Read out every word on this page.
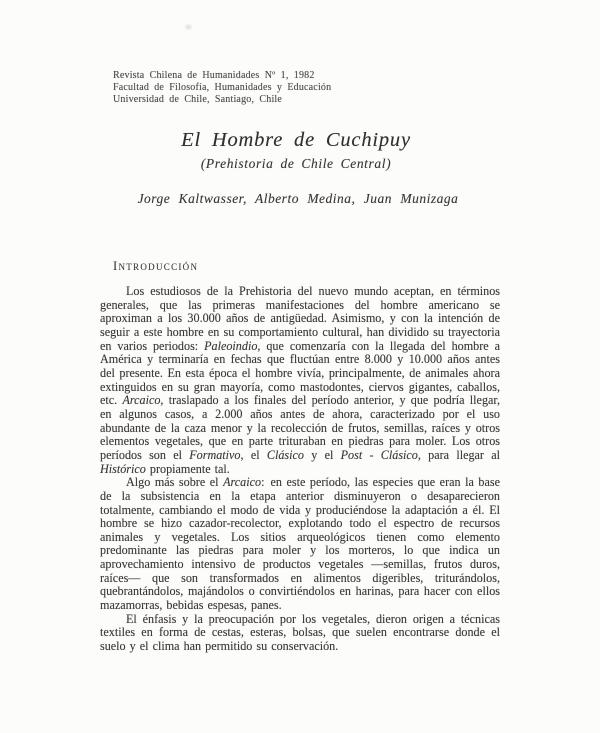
Revista Chilena de Humanidades Nº 1, 1982
Facultad de Filosofía, Humanidades y Educación
Universidad de Chile, Santiago, Chile
El Hombre de Cuchipuy
(Prehistoria de Chile Central)
Jorge Kaltwasser, Alberto Medina, Juan Munizaga
Introducción

Los estudiosos de la Prehistoria del nuevo mundo aceptan, en términos generales, que las primeras manifestaciones del hombre americano se aproximan a los 30.000 años de antigüedad. Asimismo, y con la intención de seguir a este hombre en su comportamiento cultural, han dividido su trayectoria en varios periodos: Paleoindio, que comenzaría con la llegada del hombre a América y terminaría en fechas que fluctúan entre 8.000 y 10.000 años antes del presente. En esta época el hombre vivía, principalmente, de animales ahora extinguidos en su gran mayoría, como mastodontes, ciervos gigantes, caballos, etc. Arcaico, traslapado a los finales del período anterior, y que podría llegar, en algunos casos, a 2.000 años antes de ahora, caracterizado por el uso abundante de la caza menor y la recolección de frutos, semillas, raíces y otros elementos vegetales, que en parte trituraban en piedras para moler. Los otros períodos son el Formativo, el Clásico y el Post - Clásico, para llegar al Histórico propiamente tal.

Algo más sobre el Arcaico: en este período, las especies que eran la base de la subsistencia en la etapa anterior disminuyeron o desaparecieron totalmente, cambiando el modo de vida y produciéndose la adaptación a él. El hombre se hizo cazador-recolector, explotando todo el espectro de recursos animales y vegetales. Los sitios arqueológicos tienen como elemento predominante las piedras para moler y los morteros, lo que indica un aprovechamiento intensivo de productos vegetales —semillas, frutos duros, raíces— que son transformados en alimentos digeribles, triturándolos, quebrantándolos, majándolos o convirtiéndolos en harinas, para hacer con ellos mazamorras, bebidas espesas, panes.

El énfasis y la preocupación por los vegetales, dieron origen a técnicas textiles en forma de cestas, esteras, bolsas, que suelen encontrarse donde el suelo y el clima han permitido su conservación.
